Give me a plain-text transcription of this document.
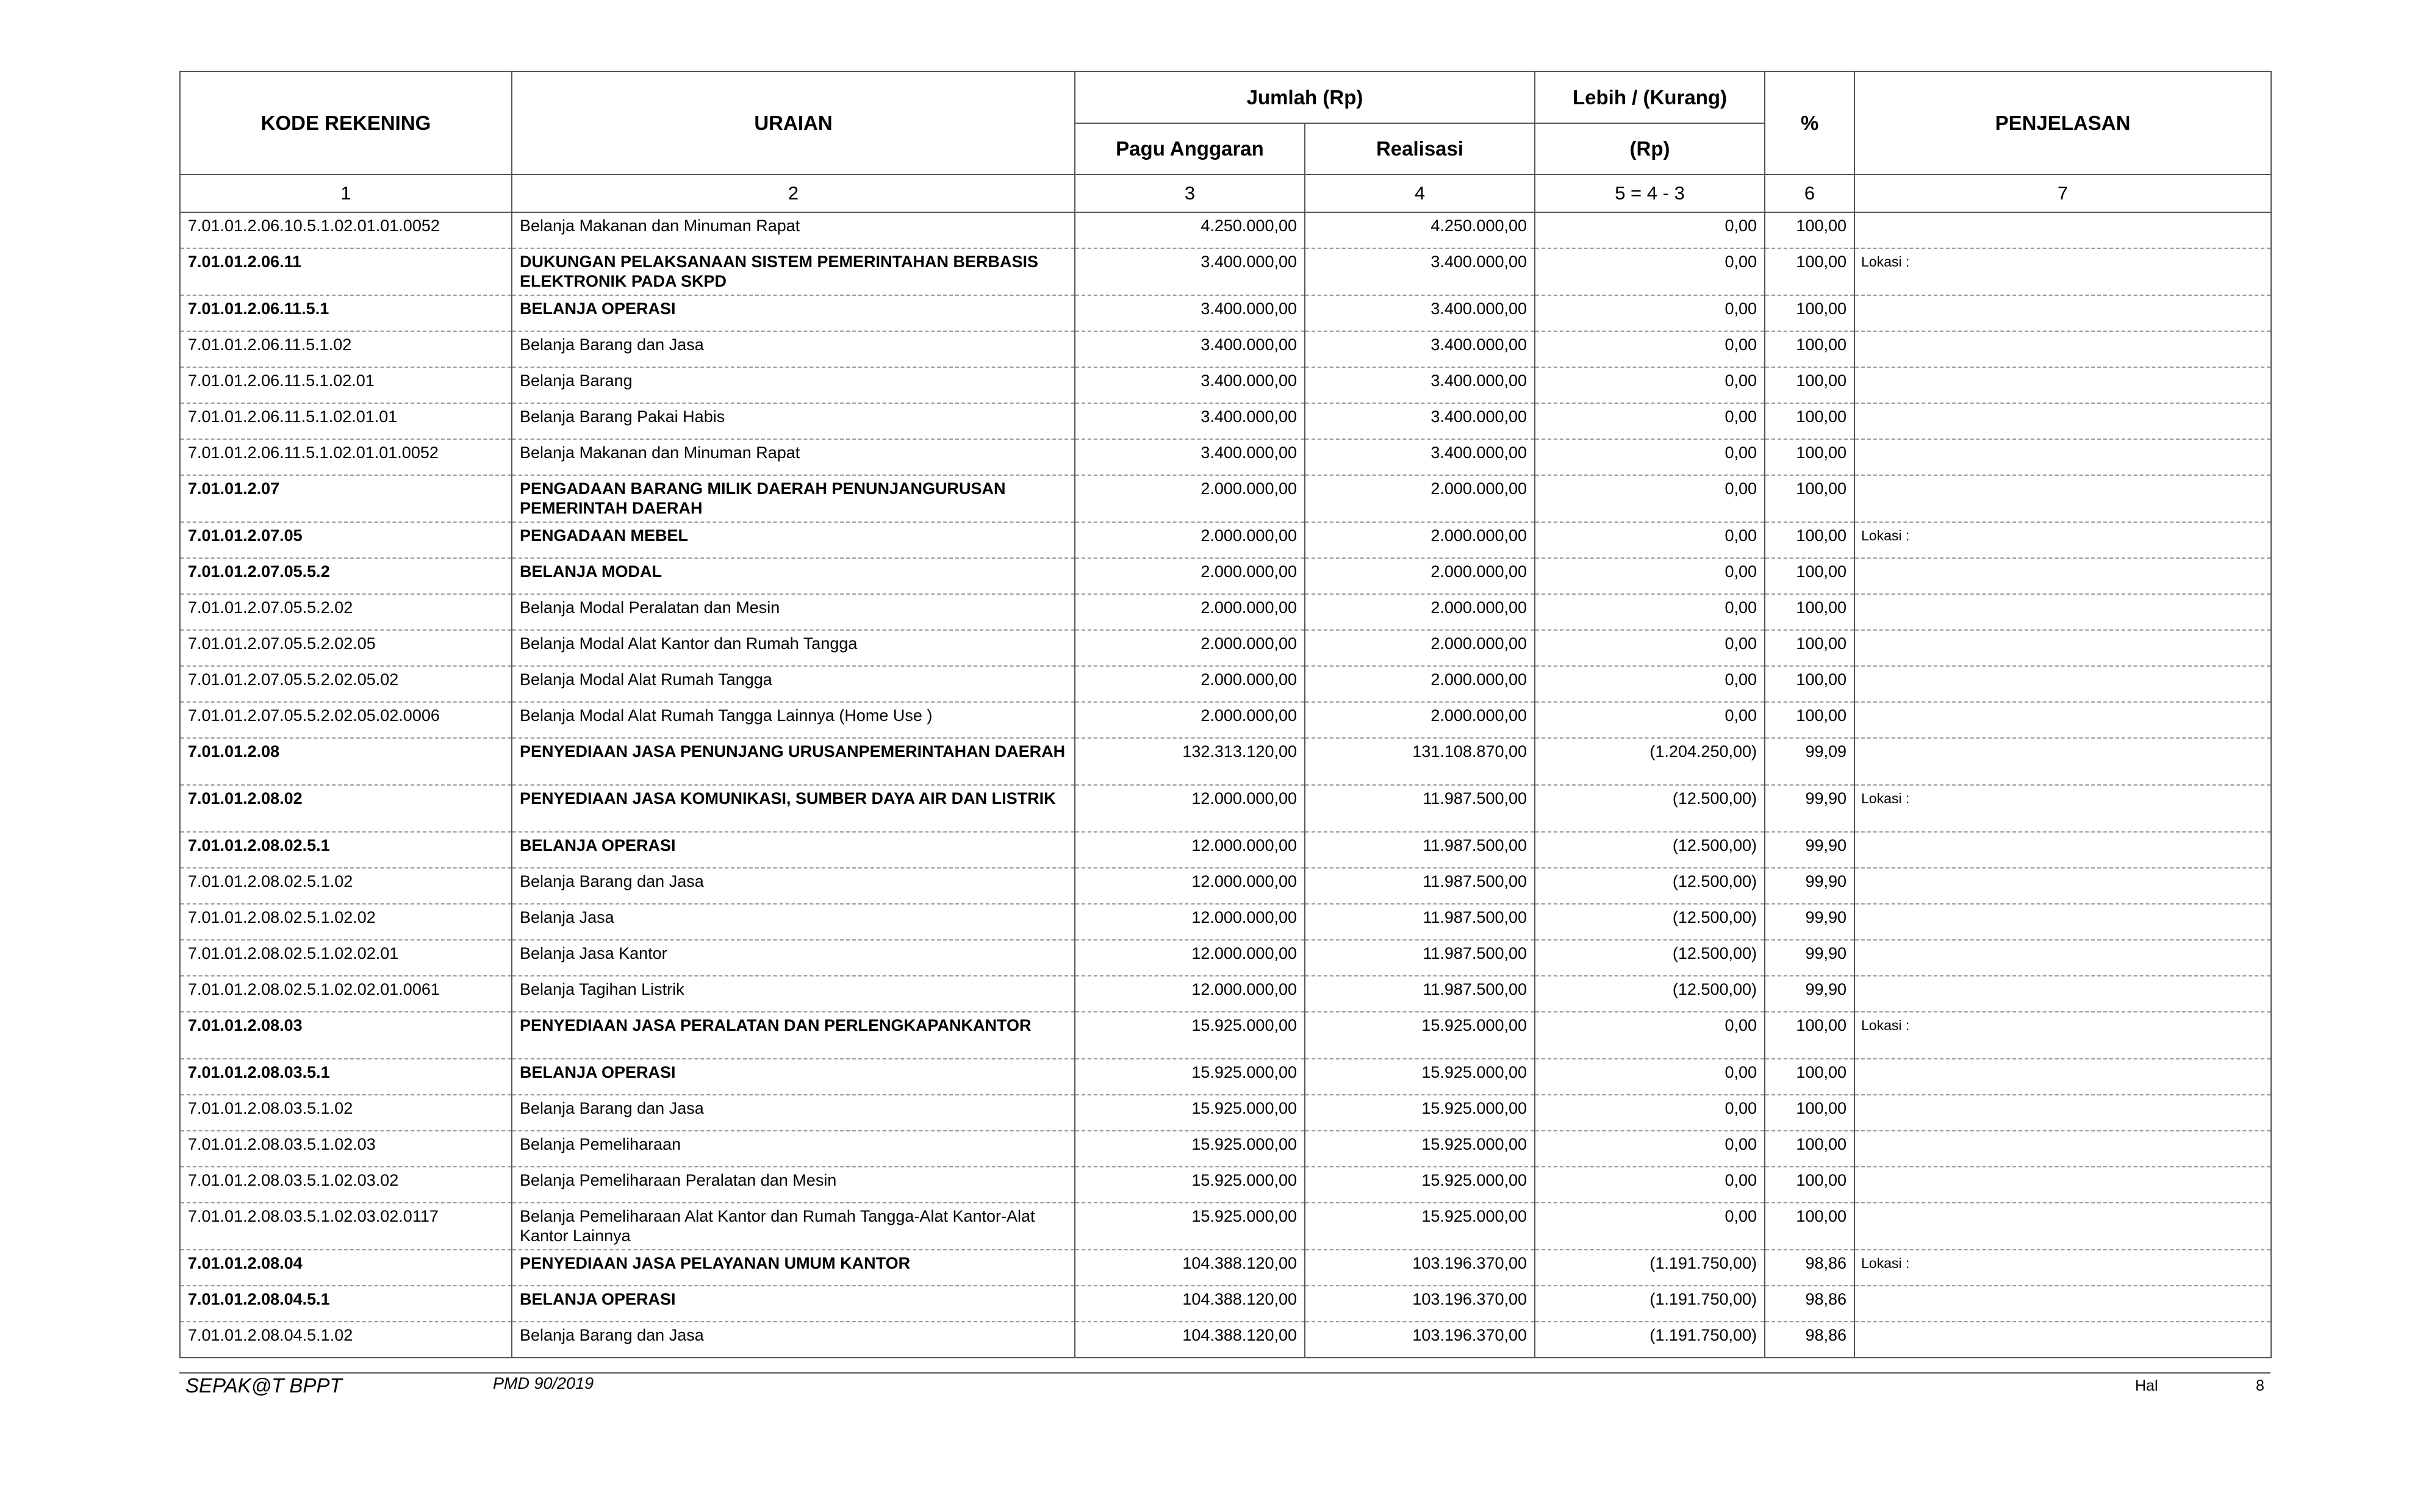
KODE REKENING	URAIAN	Jumlah (Rp)		Lebih / (Kurang)	%	PENJELASAN
		Pagu Anggaran	Realisasi	(Rp)		
1	2	3	4	5 = 4 - 3	6	7
7.01.01.2.06.10.5.1.02.01.01.0052	Belanja Makanan dan Minuman Rapat	4.250.000,00	4.250.000,00	0,00	100,00	
7.01.01.2.06.11	DUKUNGAN PELAKSANAAN SISTEM PEMERINTAHAN BERBASIS ELEKTRONIK PADA SKPD	3.400.000,00	3.400.000,00	0,00	100,00	Lokasi :
7.01.01.2.06.11.5.1	BELANJA OPERASI	3.400.000,00	3.400.000,00	0,00	100,00	
7.01.01.2.06.11.5.1.02	Belanja Barang dan Jasa	3.400.000,00	3.400.000,00	0,00	100,00	
7.01.01.2.06.11.5.1.02.01	Belanja Barang	3.400.000,00	3.400.000,00	0,00	100,00	
7.01.01.2.06.11.5.1.02.01.01	Belanja Barang Pakai Habis	3.400.000,00	3.400.000,00	0,00	100,00	
7.01.01.2.06.11.5.1.02.01.01.0052	Belanja Makanan dan Minuman Rapat	3.400.000,00	3.400.000,00	0,00	100,00	
7.01.01.2.07	PENGADAAN BARANG MILIK DAERAH PENUNJANGURUSAN PEMERINTAH DAERAH	2.000.000,00	2.000.000,00	0,00	100,00	
7.01.01.2.07.05	PENGADAAN MEBEL	2.000.000,00	2.000.000,00	0,00	100,00	Lokasi :
7.01.01.2.07.05.5.2	BELANJA MODAL	2.000.000,00	2.000.000,00	0,00	100,00	
7.01.01.2.07.05.5.2.02	Belanja Modal Peralatan dan Mesin	2.000.000,00	2.000.000,00	0,00	100,00	
7.01.01.2.07.05.5.2.02.05	Belanja Modal Alat Kantor dan Rumah Tangga	2.000.000,00	2.000.000,00	0,00	100,00	
7.01.01.2.07.05.5.2.02.05.02	Belanja Modal Alat Rumah Tangga	2.000.000,00	2.000.000,00	0,00	100,00	
7.01.01.2.07.05.5.2.02.05.02.0006	Belanja Modal Alat Rumah Tangga Lainnya (Home Use )	2.000.000,00	2.000.000,00	0,00	100,00	
7.01.01.2.08	PENYEDIAAN JASA PENUNJANG URUSANPEMERINTAHAN DAERAH	132.313.120,00	131.108.870,00	(1.204.250,00)	99,09	
7.01.01.2.08.02	PENYEDIAAN JASA KOMUNIKASI, SUMBER DAYA AIR DAN LISTRIK	12.000.000,00	11.987.500,00	(12.500,00)	99,90	Lokasi :
7.01.01.2.08.02.5.1	BELANJA OPERASI	12.000.000,00	11.987.500,00	(12.500,00)	99,90	
7.01.01.2.08.02.5.1.02	Belanja Barang dan Jasa	12.000.000,00	11.987.500,00	(12.500,00)	99,90	
7.01.01.2.08.02.5.1.02.02	Belanja Jasa	12.000.000,00	11.987.500,00	(12.500,00)	99,90	
7.01.01.2.08.02.5.1.02.02.01	Belanja Jasa Kantor	12.000.000,00	11.987.500,00	(12.500,00)	99,90	
7.01.01.2.08.02.5.1.02.02.01.0061	Belanja Tagihan Listrik	12.000.000,00	11.987.500,00	(12.500,00)	99,90	
7.01.01.2.08.03	PENYEDIAAN JASA PERALATAN DAN PERLENGKAPANKANTOR	15.925.000,00	15.925.000,00	0,00	100,00	Lokasi :
7.01.01.2.08.03.5.1	BELANJA OPERASI	15.925.000,00	15.925.000,00	0,00	100,00	
7.01.01.2.08.03.5.1.02	Belanja Barang dan Jasa	15.925.000,00	15.925.000,00	0,00	100,00	
7.01.01.2.08.03.5.1.02.03	Belanja Pemeliharaan	15.925.000,00	15.925.000,00	0,00	100,00	
7.01.01.2.08.03.5.1.02.03.02	Belanja Pemeliharaan Peralatan dan Mesin	15.925.000,00	15.925.000,00	0,00	100,00	
7.01.01.2.08.03.5.1.02.03.02.0117	Belanja Pemeliharaan Alat Kantor dan Rumah Tangga-Alat Kantor-Alat Kantor Lainnya	15.925.000,00	15.925.000,00	0,00	100,00	
7.01.01.2.08.04	PENYEDIAAN JASA PELAYANAN UMUM KANTOR	104.388.120,00	103.196.370,00	(1.191.750,00)	98,86	Lokasi :
7.01.01.2.08.04.5.1	BELANJA OPERASI	104.388.120,00	103.196.370,00	(1.191.750,00)	98,86	
7.01.01.2.08.04.5.1.02	Belanja Barang dan Jasa	104.388.120,00	103.196.370,00	(1.191.750,00)	98,86	
SEPAK@T BPPT	PMD 90/2019	Hal	8
